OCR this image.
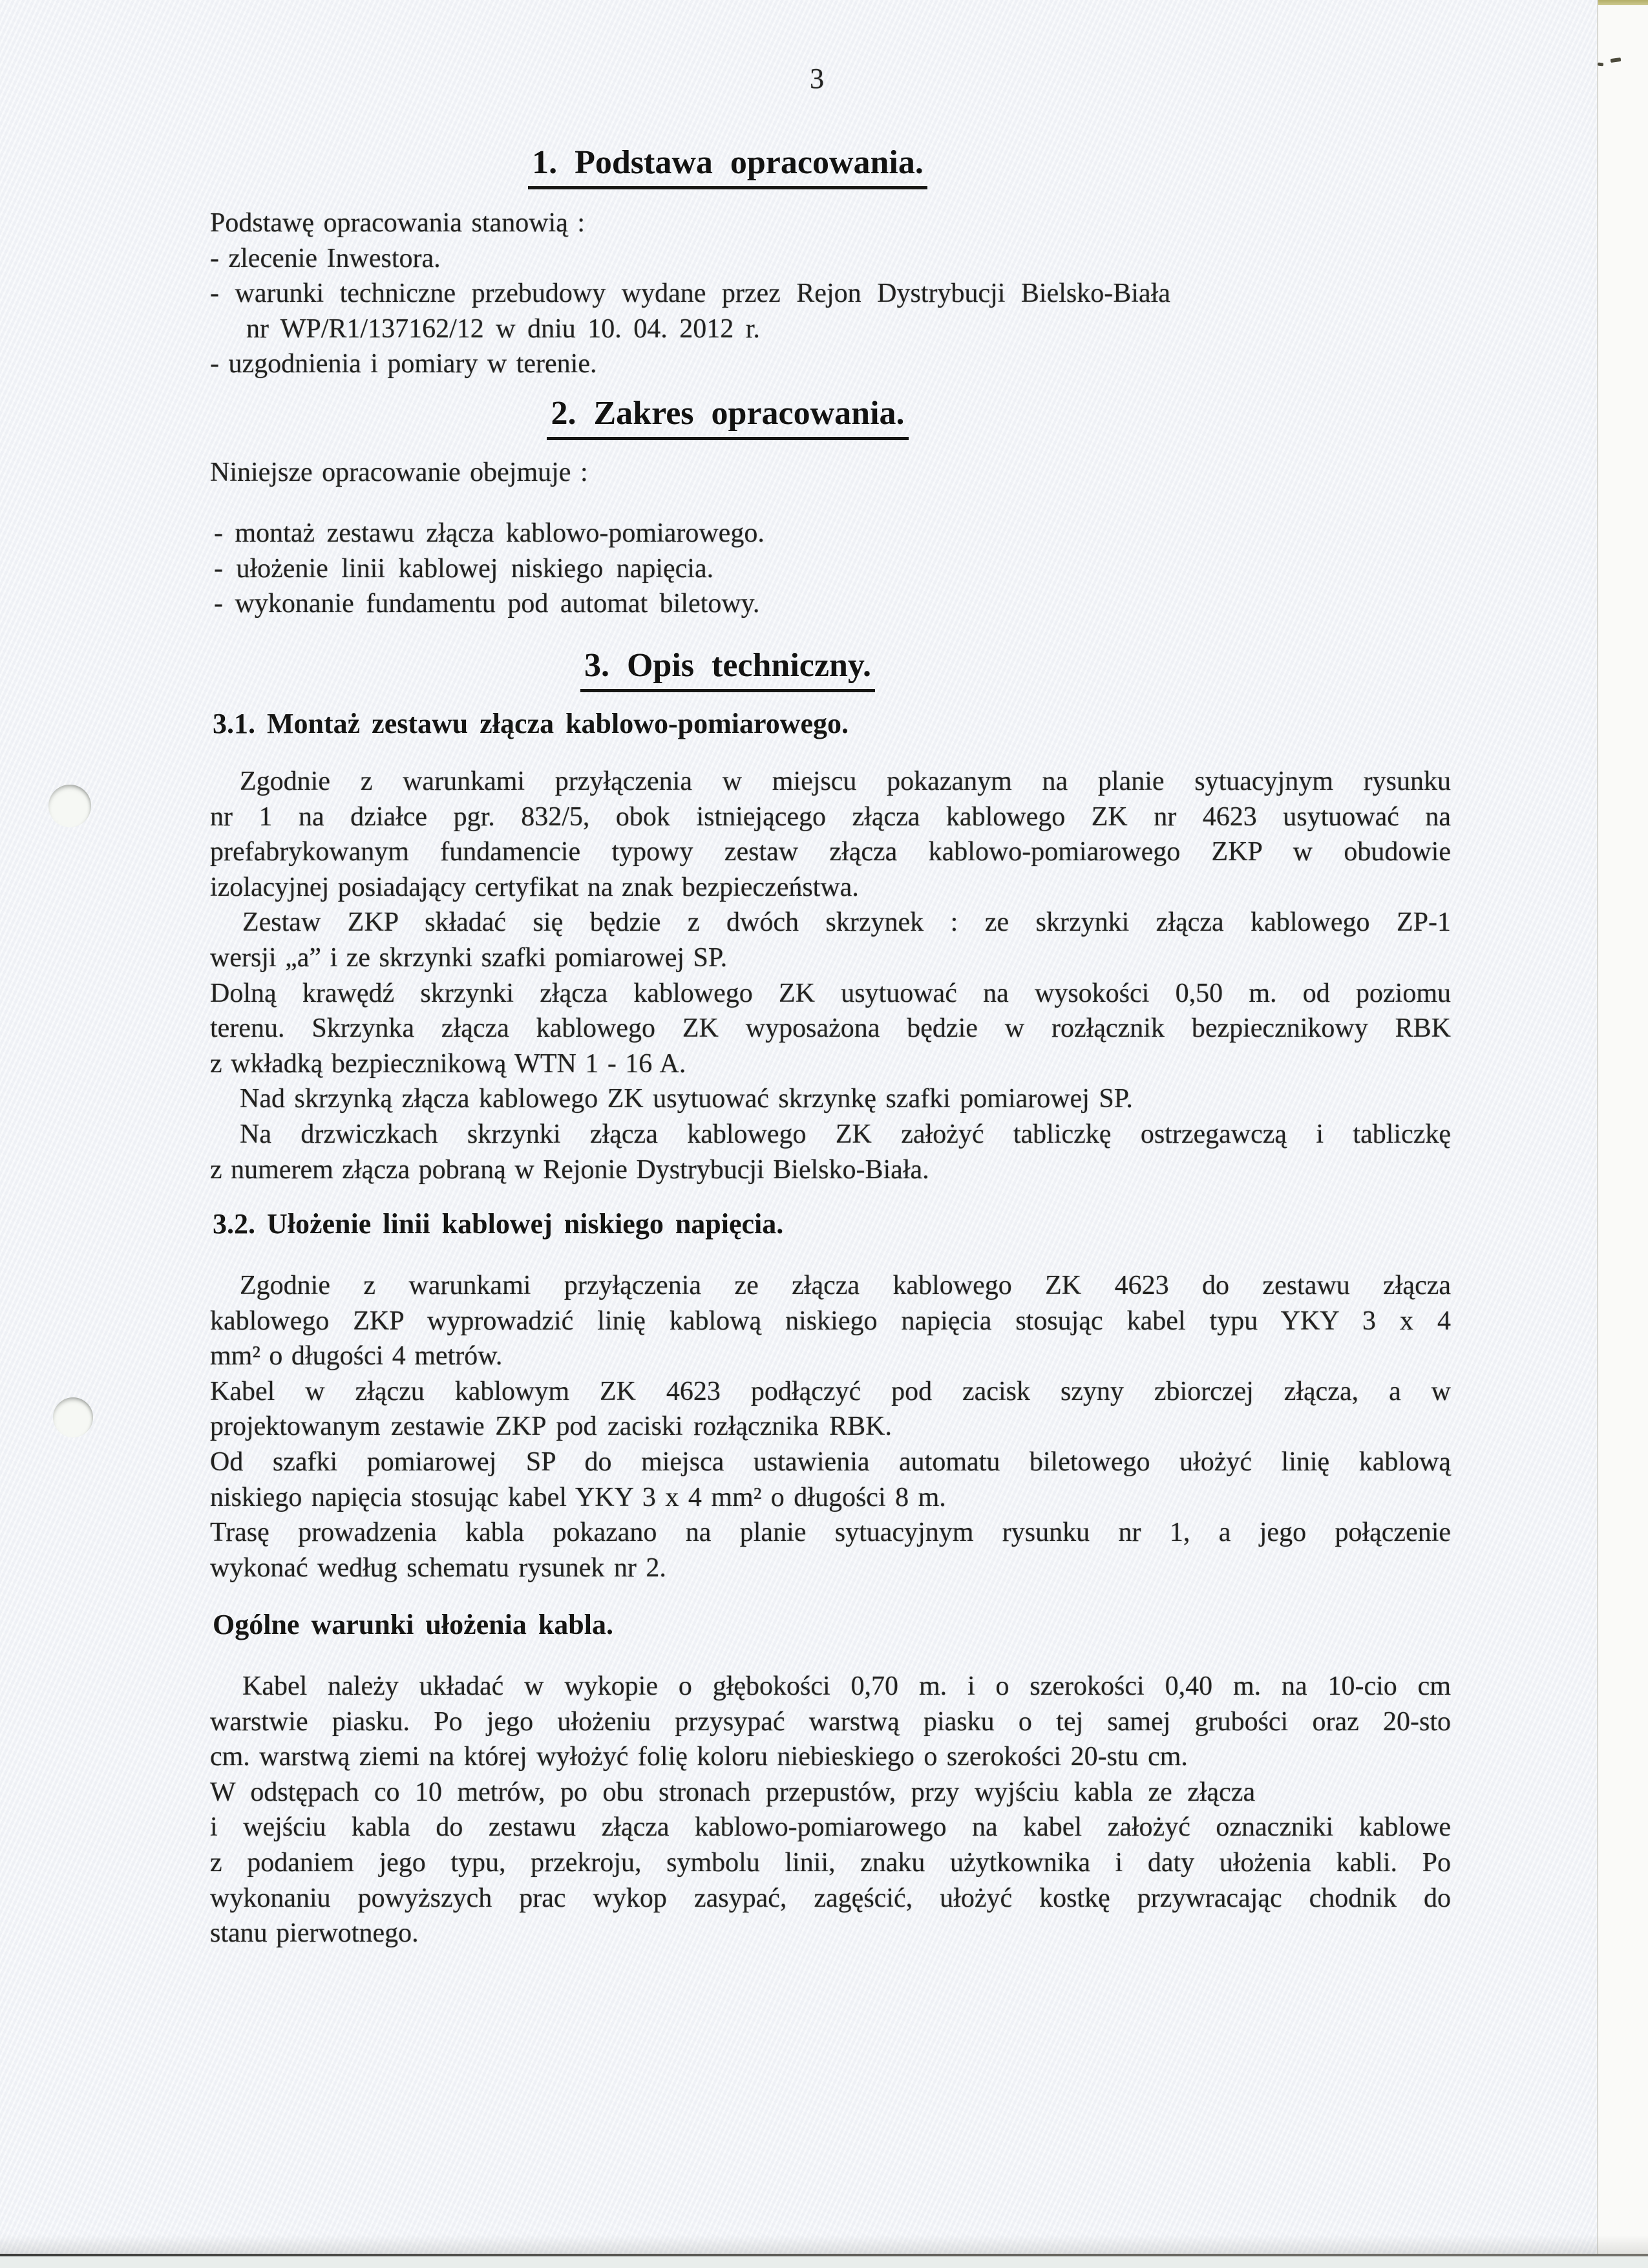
3
1. Podstawa opracowania.
2. Zakres opracowania.
3. Opis techniczny.
3.1. Montaż zestawu złącza kablowo-pomiarowego.
3.2. Ułożenie linii kablowej niskiego napięcia.
Ogólne warunki ułożenia kabla.
Podstawę opracowania stanowią :
- zlecenie Inwestora.
- warunki techniczne przebudowy wydane przez Rejon Dystrybucji Bielsko-Biała
nr WP/R1/137162/12 w dniu 10. 04. 2012 r.
- uzgodnienia i pomiary w terenie.
Niniejsze opracowanie obejmuje :
- montaż zestawu złącza kablowo-pomiarowego.
- ułożenie linii kablowej niskiego napięcia.
- wykonanie fundamentu pod automat biletowy.
Zgodnie z warunkami przyłączenia w miejscu pokazanym na planie sytuacyjnym rysunku
nr 1 na działce pgr. 832/5, obok istniejącego złącza kablowego ZK nr 4623 usytuować na
prefabrykowanym fundamencie typowy zestaw złącza kablowo-pomiarowego ZKP w obudowie
izolacyjnej posiadający certyfikat na znak bezpieczeństwa.
Zestaw ZKP składać się będzie z dwóch skrzynek : ze skrzynki złącza kablowego ZP-1
wersji „a” i ze skrzynki szafki pomiarowej SP.
Dolną krawędź skrzynki złącza kablowego ZK usytuować na wysokości 0,50 m. od poziomu
terenu. Skrzynka złącza kablowego ZK wyposażona będzie w rozłącznik bezpiecznikowy RBK
z wkładką bezpiecznikową WTN 1 - 16 A.
Nad skrzynką złącza kablowego ZK usytuować skrzynkę szafki pomiarowej SP.
Na drzwiczkach skrzynki złącza kablowego ZK założyć tabliczkę ostrzegawczą i tabliczkę
z numerem złącza pobraną w Rejonie Dystrybucji Bielsko-Biała.
Zgodnie z warunkami przyłączenia ze złącza kablowego ZK 4623 do zestawu złącza
kablowego ZKP wyprowadzić linię kablową niskiego napięcia stosując kabel typu YKY 3 x 4
mm² o długości 4 metrów.
Kabel w złączu kablowym ZK 4623 podłączyć pod zacisk szyny zbiorczej złącza, a w
projektowanym zestawie ZKP pod zaciski rozłącznika RBK.
Od szafki pomiarowej SP do miejsca ustawienia automatu biletowego ułożyć linię kablową
niskiego napięcia stosując kabel YKY 3 x 4 mm² o długości 8 m.
Trasę prowadzenia kabla pokazano na planie sytuacyjnym rysunku nr 1, a jego połączenie
wykonać według schematu rysunek nr 2.
Kabel należy układać w wykopie o głębokości 0,70 m. i o szerokości 0,40 m. na 10-cio cm
warstwie piasku. Po jego ułożeniu przysypać warstwą piasku o tej samej grubości oraz 20-sto
cm. warstwą ziemi na której wyłożyć folię koloru niebieskiego o szerokości 20-stu cm.
W odstępach co 10 metrów, po obu stronach przepustów, przy wyjściu kabla ze złącza
i wejściu kabla do zestawu złącza kablowo-pomiarowego na kabel założyć oznaczniki kablowe
z podaniem jego typu, przekroju, symbolu linii, znaku użytkownika i daty ułożenia kabli. Po
wykonaniu powyższych prac wykop zasypać, zagęścić, ułożyć kostkę przywracając chodnik do
stanu pierwotnego.
